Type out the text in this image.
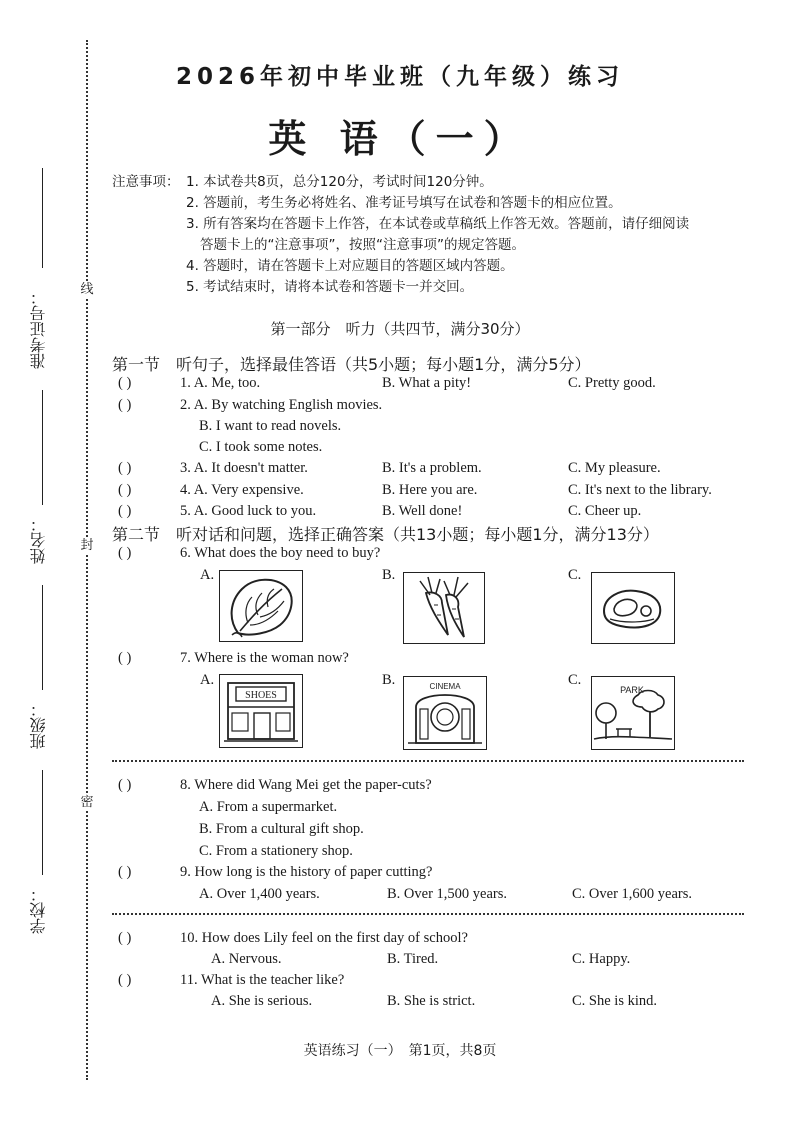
线
封
密
准考证号：
姓名：
班级：
学校：
2026年初中毕业班（九年级）练习
英 语（一）
注意事项： 1. 本试卷共8页，总分120分，考试时间120分钟。
2. 答题前，考生务必将姓名、准考证号填写在试卷和答题卡的相应位置。
3. 所有答案均在答题卡上作答，在本试卷或草稿纸上作答无效。答题前，请仔细阅读
答题卡上的“注意事项”，按照“注意事项”的规定答题。
4. 答题时，请在答题卡上对应题目的答题区域内答题。
5. 考试结束时，请将本试卷和答题卡一并交回。
第一部分　听力（共四节，满分30分）
第一节　听句子，选择最佳答语（共5小题；每小题1分，满分5分）
( )	1. A. Me, too.	B. What a pity!	C. Pretty good.
( )	2. A. By watching English movies.
B. I want to read novels.
C. I took some notes.
( )	3. A. It doesn't matter.	B. It's a problem.	C. My pleasure.
( )	4. A. Very expensive.	B. Here you are.	C. It's next to the library.
( )	5. A. Good luck to you.	B. Well done!	C. Cheer up.
第二节　听对话和问题，选择正确答案（共13小题；每小题1分，满分13分）
( )	6. What does the boy need to buy?
A.	B.	C.
( )	7. Where is the woman now?
A.	B.	C.
SHOES
CINEMA	PARK
( )	8. Where did Wang Mei get the paper-cuts?
A. From a supermarket.
B. From a cultural gift shop.
C. From a stationery shop.
( )	9. How long is the history of paper cutting?
A. Over 1,400 years.	B. Over 1,500 years.	C. Over 1,600 years.
( )	10. How does Lily feel on the first day of school?
A. Nervous.	B. Tired.	C. Happy.
( )	11. What is the teacher like?
A. She is serious.	B. She is strict.	C. She is kind.
英语练习（一）　第1页，共8页
